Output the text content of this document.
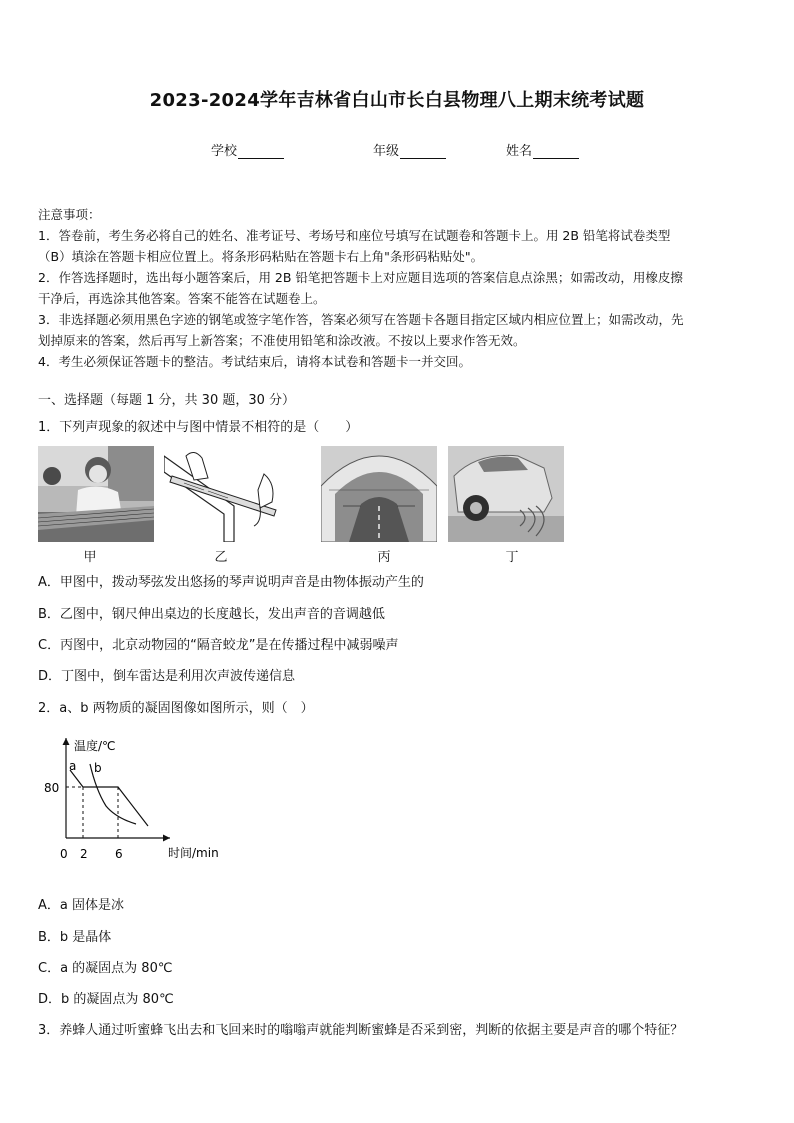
2023-2024学年吉林省白山市长白县物理八上期末统考试题
学校	年级	姓名

注意事项：

1．答卷前，考生务必将自己的姓名、准考证号、考场号和座位号填写在试题卷和答题卡上。用 2B 铅笔将试卷类型

（B）填涂在答题卡相应位置上。将条形码粘贴在答题卡右上角"条形码粘贴处"。

2．作答选择题时，选出每小题答案后，用 2B 铅笔把答题卡上对应题目选项的答案信息点涂黑；如需改动，用橡皮擦

干净后，再选涂其他答案。答案不能答在试题卷上。

3．非选择题必须用黑色字迹的钢笔或签字笔作答，答案必须写在答题卡各题目指定区域内相应位置上；如需改动，先

划掉原来的答案，然后再写上新答案；不准使用铅笔和涂改液。不按以上要求作答无效。

4．考生必须保证答题卡的整洁。考试结束后，请将本试卷和答题卡一并交回。

一、选择题（每题 1 分，共 30 题，30 分）
1．下列声现象的叙述中与图中情景不相符的是（　　）
甲	乙	丙	丁
A．甲图中，拨动琴弦发出悠扬的琴声说明声音是由物体振动产生的
B．乙图中，钢尺伸出桌边的长度越长，发出声音的音调越低
C．丙图中，北京动物园的“隔音蛟龙”是在传播过程中减弱噪声
D．丁图中，倒车雷达是利用次声波传递信息
2．a、b 两物质的凝固图像如图所示，则（　）
温度/℃
时间/min
80
0 2 6
a b
A．a 固体是冰
B．b 是晶体
C．a 的凝固点为 80℃
D．b 的凝固点为 80℃
3．养蜂人通过听蜜蜂飞出去和飞回来时的嗡嗡声就能判断蜜蜂是否采到密，判断的依据主要是声音的哪个特征？
